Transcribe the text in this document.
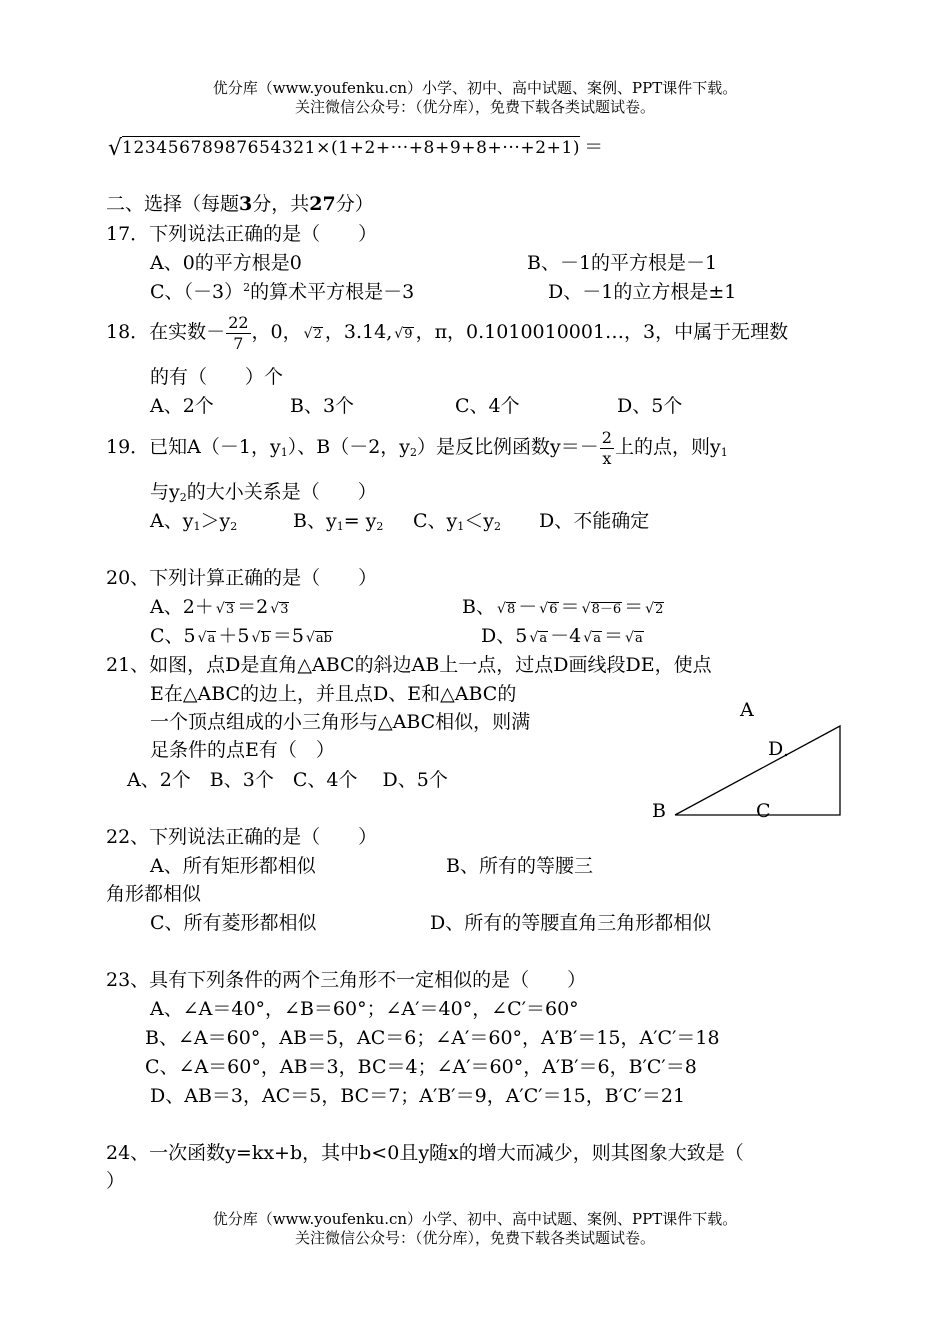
优分库（www.youfenku.cn）小学、初中、高中试题、案例、PPT课件下载。
关注微信公众号：（优分库），免费下载各类试题试卷。
√12345678987654321×(1+2+···+8+9+8+···+2+1) ＝
二、选择（每题3分，共27分）
17．下列说法正确的是（　　）
A、0的平方根是0	B、－1的平方根是－1
C、$(-3)^2$的算术平方根是－3	D、－1的立方根是±1
18．在实数－ $\frac{22}{7}$ ，0， √ 2 ，3.14, √ 9 ，π，0.1010010001…，3，中属于无理数
的有（　　）个
A、2个	B、3个	C、4个	D、5个
19．已知A（－1，$y_1$）、B（－2，$y_2$）是反比例函数$y=- \frac{2}{x}$ 上的点，则$y_1$
与$y_2$的大小关系是（　　）
A、$y_1>y_2$	B、$y_1= y_2$ C、$y_1<y_2$ D、不能确定
20、下列计算正确的是（　　）
A、2＋ √ 3 ＝2 √ 3	B、 √ 8 － √ 6 ＝ √ 8－6 ＝ √ 2
C、5 √ a ＋5 √ b ＝5 √ ab	D、5 √ a －4 √ a ＝ √ a
21、如图，点D是直角△ABC的斜边AB上一点，过点D画线段DE，使点
E在△ABC的边上，并且点D、E和△ABC的
一个顶点组成的小三角形与△ABC相似，则满
足条件的点E有（　）
A、2个　B、3个　C、4个　 D、5个
A
D
B	C
22、下列说法正确的是（　　）
A、所有矩形都相似	B、所有的等腰三
角形都相似
C、所有菱形都相似	D、所有的等腰直角三角形都相似
23、具有下列条件的两个三角形不一定相似的是（　　）
A、∠A＝40°，∠B＝60°；∠A′＝40°，∠C′＝60°
B、∠A＝60°，AB＝5，AC＝6；∠A′＝60°，A′B′＝15，A′C′＝18
C、∠A＝60°，AB＝3，BC＝4；∠A′＝60°，A′B′＝6，B′C′＝8
D、AB＝3，AC＝5，BC＝7；A′B′＝9，A′C′＝15，B′C′＝21
24、一次函数y=kx+b，其中b<0且y随x的增大而减少，则其图象大致是（
）
优分库（www.youfenku.cn）小学、初中、高中试题、案例、PPT课件下载。
关注微信公众号：（优分库），免费下载各类试题试卷。
